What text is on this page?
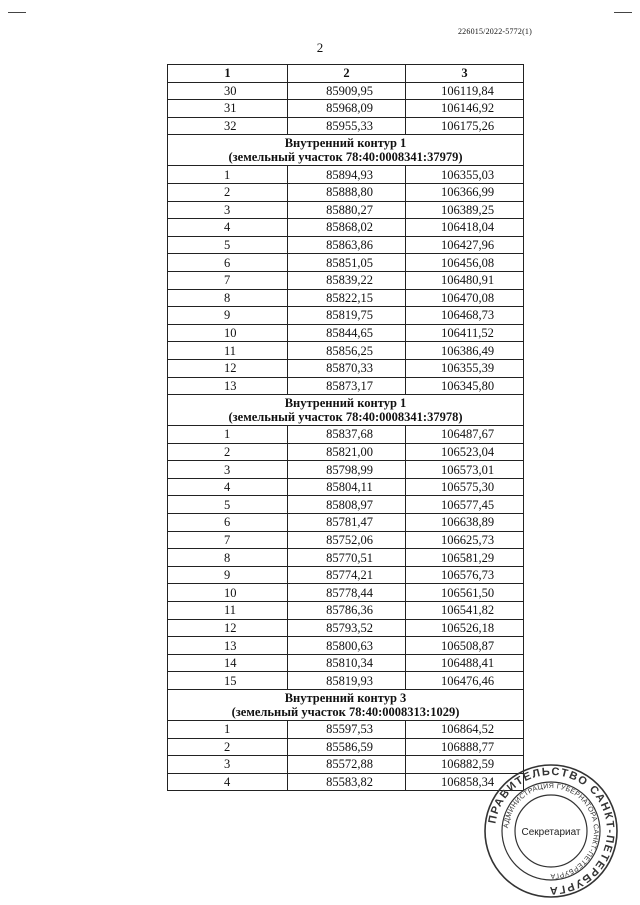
226015/2022-5772(1)
2
1	2	3
30	85909,95	106119,84
31	85968,09	106146,92
32	85955,33	106175,26

Внутренний контур 1
(земельный участок 78:40:0008341:37979)		

1	85894,93	106355,03
2	85888,80	106366,99
3	85880,27	106389,25
4	85868,02	106418,04
5	85863,86	106427,96
6	85851,05	106456,08
7	85839,22	106480,91
8	85822,15	106470,08
9	85819,75	106468,73
10	85844,65	106411,52
11	85856,25	106386,49
12	85870,33	106355,39
13	85873,17	106345,80

Внутренний контур 1
(земельный участок 78:40:0008341:37978)		

1	85837,68	106487,67
2	85821,00	106523,04
3	85798,99	106573,01
4	85804,11	106575,30
5	85808,97	106577,45
6	85781,47	106638,89
7	85752,06	106625,73
8	85770,51	106581,29
9	85774,21	106576,73
10	85778,44	106561,50
11	85786,36	106541,82
12	85793,52	106526,18
13	85800,63	106508,87
14	85810,34	106488,41
15	85819,93	106476,46

Внутренний контур 3
(земельный участок 78:40:0008313:1029)		

1	85597,53	106864,52
2	85586,59	106888,77
3	85572,88	106882,59
4	85583,82	106858,34
ПРАВИТЕЛЬСТВО САНКТ-ПЕТЕРБУРГА
АДМИНИСТРАЦИЯ ГУБЕРНАТОРА САНКТ-ПЕТЕРБУРГА
Секретариат
